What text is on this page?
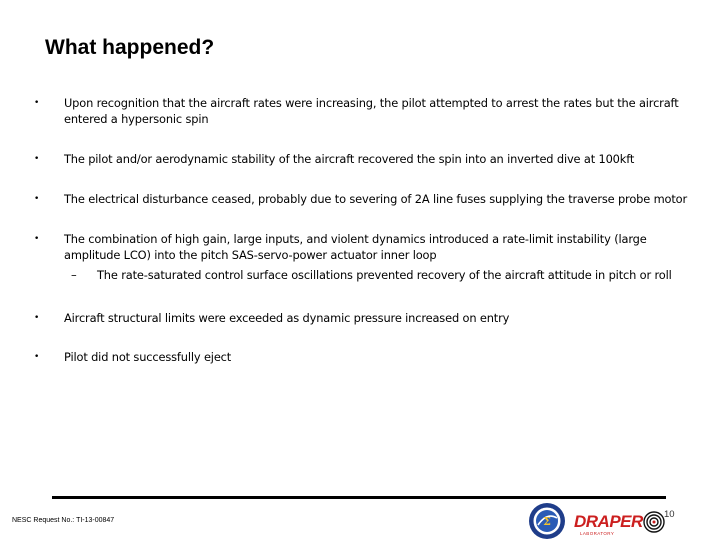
What happened?
• Upon recognition that the aircraft rates were increasing, the pilot attempted to arrest the rates but the aircraft entered a hypersonic spin
• The pilot and/or aerodynamic stability of the aircraft recovered the spin into an inverted dive at 100kft
• The electrical disturbance ceased, probably due to severing of 2A line fuses supplying the traverse probe motor
• The combination of high gain, large inputs, and violent dynamics introduced a rate-limit instability (large amplitude LCO) into the pitch SAS-servo-power actuator inner loop
– The rate-saturated control surface oscillations prevented recovery of the aircraft attitude in pitch or roll
• Aircraft structural limits were exceeded as dynamic pressure increased on entry
• Pilot did not successfully eject
NESC Request No.: TI-13-00847
10
Σ DRAPER
LABORATORY
